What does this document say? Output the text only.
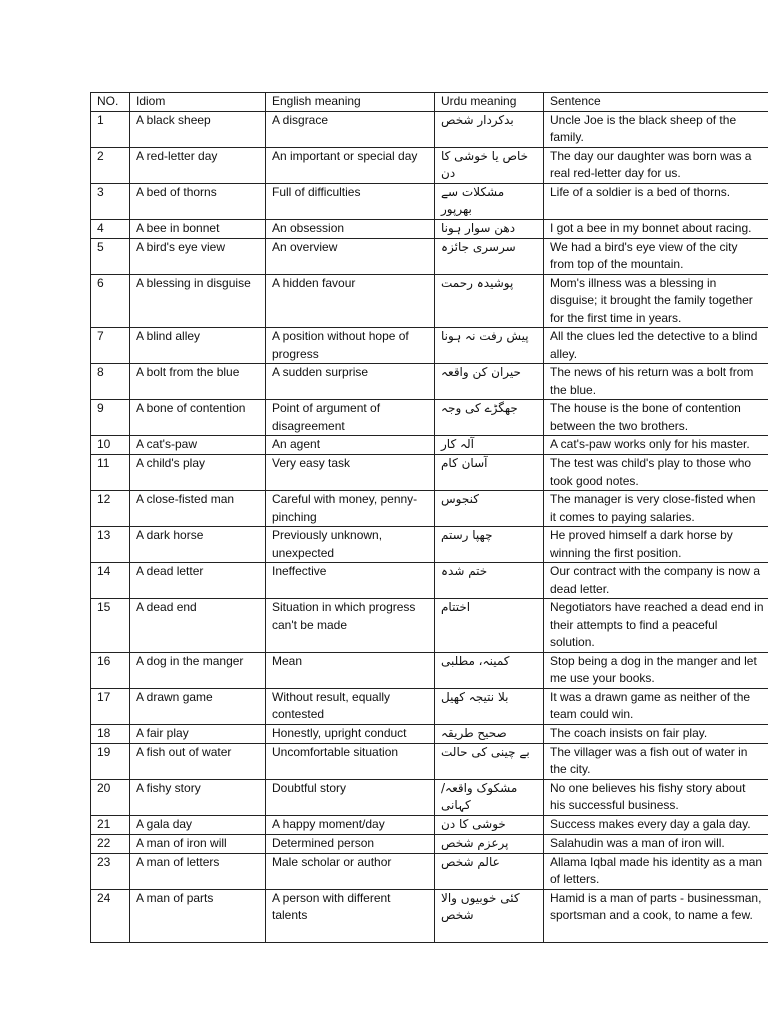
NO.	Idiom	English meaning	Urdu meaning	Sentence
1	A black sheep	A disgrace	بدکردار شخص	Uncle Joe is the black sheep of the family.
2	A red-letter day	An important or special day	خاص یا خوشی کا دن	The day our daughter was born was a real red-letter day for us.
3	A bed of thorns	Full of difficulties	مشکلات سے بھرپور	Life of a soldier is a bed of thorns.
4	A bee in bonnet	An obsession	دھن سوار ہونا	I got a bee in my bonnet about racing.
5	A bird's eye view	An overview	سرسری جائزہ	We had a bird's eye view of the city from top of the mountain.
6	A blessing in disguise	A hidden favour	پوشیدہ رحمت	Mom's illness was a blessing in disguise; it brought the family together for the first time in years.
7	A blind alley	A position without hope of progress	پیش رفت نہ ہونا	All the clues led the detective to a blind alley.
8	A bolt from the blue	A sudden surprise	حیران کن واقعہ	The news of his return was a bolt from the blue.
9	A bone of contention	Point of argument of disagreement	جھگڑے کی وجہ	The house is the bone of contention between the two brothers.
10	A cat's-paw	An agent	آلہ کار	A cat's-paw works only for his master.
11	A child's play	Very easy task	آسان کام	The test was child's play to those who took good notes.
12	A close-fisted man	Careful with money, penny-pinching	کنجوس	The manager is very close-fisted when it comes to paying salaries.
13	A dark horse	Previously unknown, unexpected	چھپا رستم	He proved himself a dark horse by winning the first position.
14	A dead letter	Ineffective	ختم شدہ	Our contract with the company is now a dead letter.
15	A dead end	Situation in which progress can't be made	اختتام	Negotiators have reached a dead end in their attempts to find a peaceful solution.
16	A dog in the manger	Mean	کمینہ، مطلبی	Stop being a dog in the manger and let me use your books.
17	A drawn game	Without result, equally contested	بلا نتیجہ کھیل	It was a drawn game as neither of the team could win.
18	A fair play	Honestly, upright conduct	صحیح طریقہ	The coach insists on fair play.
19	A fish out of water	Uncomfortable situation	بے چینی کی حالت	The villager was a fish out of water in the city.
20	A fishy story	Doubtful story	مشکوک واقعہ/کہانی	No one believes his fishy story about his successful business.
21	A gala day	A happy moment/day	خوشی کا دن	Success makes every day a gala day.
22	A man of iron will	Determined person	پرعزم شخص	Salahudin was a man of iron will.
23	A man of letters	Male scholar or author	عالم شخص	Allama Iqbal made his identity as a man of letters.
24	A man of parts	A person with different talents	کئی خوبیوں والا شخص	Hamid is a man of parts - businessman, sportsman and a cook, to name a few.
